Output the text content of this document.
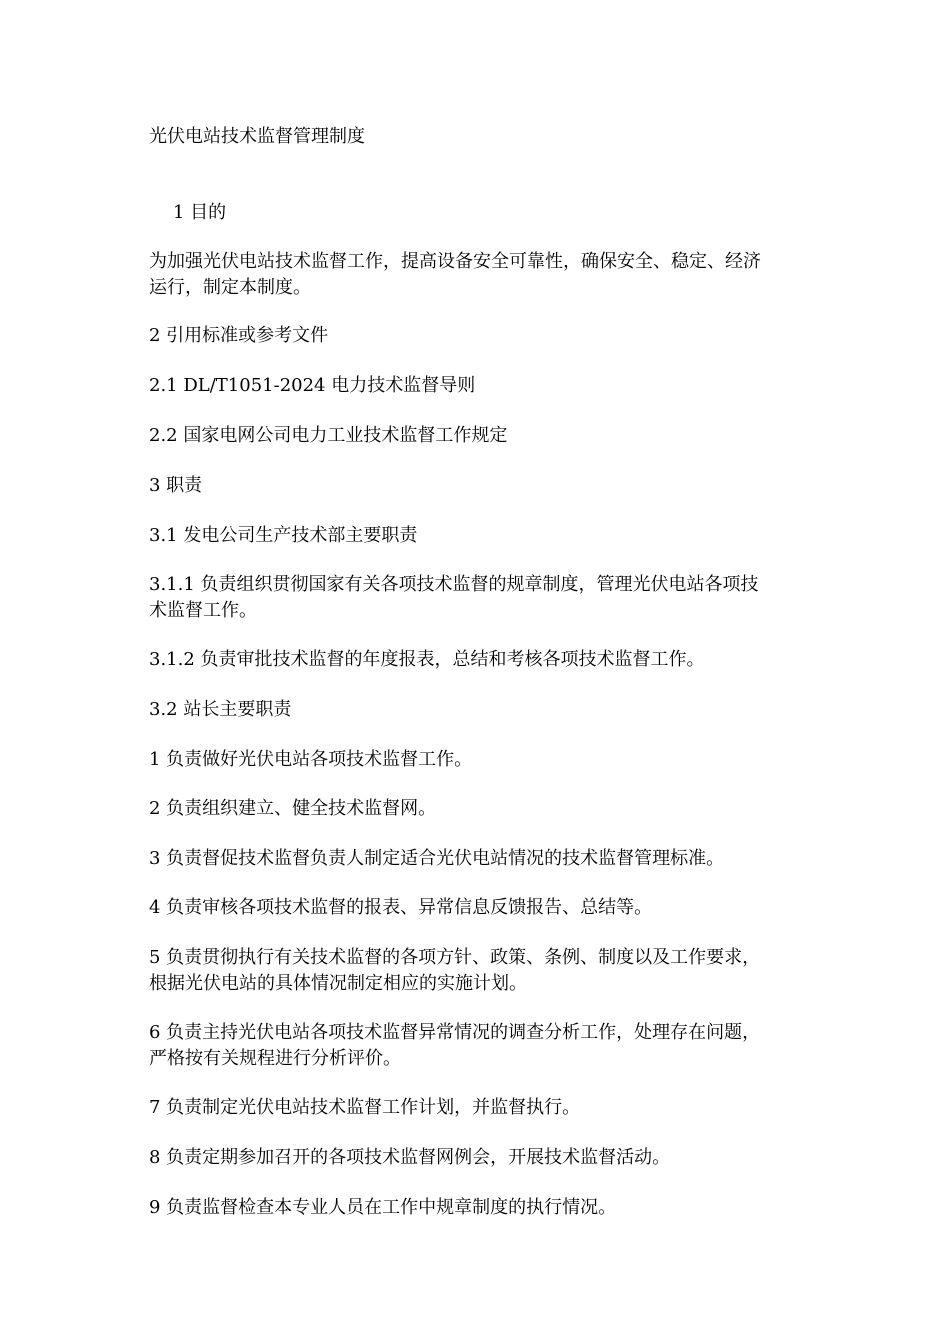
光伏电站技术监督管理制度
1 目的
为加强光伏电站技术监督工作，提高设备安全可靠性，确保安全、稳定、经济
运行，制定本制度。
2 引用标准或参考文件
2.1 DL/T1051-2024 电力技术监督导则
2.2 国家电网公司电力工业技术监督工作规定
3 职责
3.1 发电公司生产技术部主要职责
3.1.1 负责组织贯彻国家有关各项技术监督的规章制度，管理光伏电站各项技
术监督工作。
3.1.2 负责审批技术监督的年度报表，总结和考核各项技术监督工作。
3.2 站长主要职责
1 负责做好光伏电站各项技术监督工作。
2 负责组织建立、健全技术监督网。
3 负责督促技术监督负责人制定适合光伏电站情况的技术监督管理标准。
4 负责审核各项技术监督的报表、异常信息反馈报告、总结等。
5 负责贯彻执行有关技术监督的各项方针、政策、条例、制度以及工作要求，
根据光伏电站的具体情况制定相应的实施计划。
6 负责主持光伏电站各项技术监督异常情况的调查分析工作，处理存在问题，
严格按有关规程进行分析评价。
7 负责制定光伏电站技术监督工作计划，并监督执行。
8 负责定期参加召开的各项技术监督网例会，开展技术监督活动。
9 负责监督检查本专业人员在工作中规章制度的执行情况。
